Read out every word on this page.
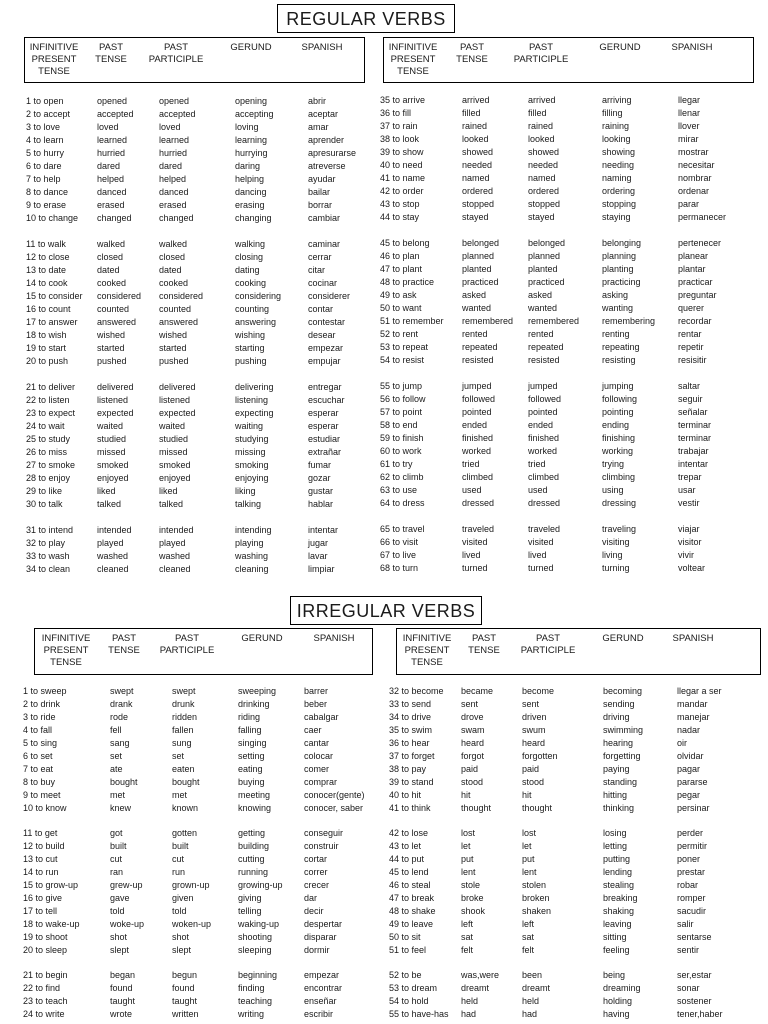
REGULAR VERBS
INFINITIVE
PRESENT
TENSE
PAST
TENSE
PAST
PARTICIPLE
GERUND	SPANISH
1 to open	opened	opened	opening	abrir
2 to accept	accepted	accepted	accepting	aceptar
3 to love	loved	loved	loving	amar
4 to learn	learned	learned	learning	aprender
5 to hurry	hurried	hurried	hurrying	apresurarse
6 to dare	dared	dared	daring	atreverse
7 to help	helped	helped	helping	ayudar
8 to dance	danced	danced	dancing	bailar
9 to erase	erased	erased	erasing	borrar
10 to change changed	changed	changing	cambiar
11 to walk	walked	walked	walking	caminar
12 to close	closed	closed	closing	cerrar
13 to date	dated	dated	dating	citar
14 to cook	cooked	cooked	cooking	cocinar
15 to consider considered considered	considering	considerer
16 to count	counted	counted	counting	contar
17 to answer answered	answered	answering	contestar
18 to wish	wished	wished	wishing	desear
19 to start	started	started	starting	empezar
20 to push	pushed	pushed	pushing	empujar
21 to deliver delivered	delivered	delivering	entregar
22 to listen	listened	listened	listening	escuchar
23 to expect expected	expected	expecting	esperar
24 to wait	waited	waited	waiting	esperar
25 to study	studied	studied	studying	estudiar
26 to miss	missed	missed	missing	extrañar
27 to smoke smoked	smoked	smoking	fumar
28 to enjoy	enjoyed	enjoyed	enjoying	gozar
29 to like	liked	liked	liking	gustar
30 to talk	talked	talked	talking	hablar
31 to intend	intended	intended	intending	intentar
32 to play	played	played	playing	jugar
33 to wash	washed	washed	washing	lavar
34 to clean	cleaned	cleaned	cleaning	limpiar
INFINITIVE
PRESENT
TENSE
PAST
TENSE
PAST
PARTICIPLE
GERUND	SPANISH
35 to arrive	arrived	arrived	arriving	llegar
36 to fill	filled	filled	filling	llenar
37 to rain	rained	rained	raining	llover
38 to look	looked	looked	looking	mirar
39 to show	showed	showed	showing	mostrar
40 to need	needed	needed	needing	necesitar
41 to name	named	named	naming	nombrar
42 to order	ordered	ordered	ordering	ordenar
43 to stop	stopped	stopped	stopping	parar
44 to stay	stayed	stayed	staying	permanecer
45 to belong	belonged	belonged	belonging	pertenecer
46 to plan	planned	planned	planning	planear
47 to plant	planted	planted	planting	plantar
48 to practice	practiced	practiced	practicing	practicar
49 to ask	asked	asked	asking	preguntar
50 to want	wanted	wanted	wanting	querer
51 to remember remembered remembered	remembering	recordar
52 to rent	rented	rented	renting	rentar
53 to repeat	repeated	repeated	repeating	repetir
54 to resist	resisted	resisted	resisting	resisitir
55 to jump	jumped	jumped	jumping	saltar
56 to follow	followed	followed	following	seguir
57 to point	pointed	pointed	pointing	señalar
58 to end	ended	ended	ending	terminar
59 to finish	finished	finished	finishing	terminar
60 to work	worked	worked	working	trabajar
61 to try	tried	tried	trying	intentar
62 to climb	climbed	climbed	climbing	trepar
63 to use	used	used	using	usar
64 to dress	dressed	dressed	dressing	vestir
65 to travel	traveled	traveled	traveling	viajar
66 to visit	visited	visited	visiting	visitor
67 to live	lived	lived	living	vivir
68 to turn	turned	turned	turning	voltear
IRREGULAR VERBS
INFINITIVE
PRESENT
TENSE
PAST
TENSE
PAST
PARTICIPLE
GERUND	SPANISH
1 to sweep	swept	swept	sweeping	barrer
2 to drink	drank	drunk	drinking	beber
3 to ride	rode	ridden	riding	cabalgar
4 to fall	fell	fallen	falling	caer
5 to sing	sang	sung	singing	cantar
6 to set	set	set	setting	colocar
7 to eat	ate	eaten	eating	comer
8 to buy	bought	bought	buying	comprar
9 to meet	met	met	meeting	conocer(gente)
10 to know	knew	known	knowing	conocer, saber
11 to get	got	gotten	getting	conseguir
12 to build	built	built	building	construir
13 to cut	cut	cut	cutting	cortar
14 to run	ran	run	running	correr
15 to grow-up	grew-up	grown-up	growing-up crecer
16 to give	gave	given	giving	dar
17 to tell	told	told	telling	decir
18 to wake-up	woke-up	woken-up	waking-up	despertar
19 to shoot	shot	shot	shooting	disparar
20 to sleep	slept	slept	sleeping	dormir
21 to begin	began	begun	beginning	empezar
22 to find	found	found	finding	encontrar
23 to teach	taught	taught	teaching	enseñar
24 to write	wrote	written	writing	escribir
INFINITIVE
PRESENT
TENSE
PAST
TENSE
PAST
PARTICIPLE
GERUND	SPANISH
32 to become became	become	becoming	llegar a ser
33 to send	sent	sent	sending	mandar
34 to drive	drove	driven	driving	manejar
35 to swim	swam	swum	swimming	nadar
36 to hear	heard	heard	hearing	oir
37 to forget	forgot	forgotten	forgetting	olvidar
38 to pay	paid	paid	paying	pagar
39 to stand	stood	stood	standing	pararse
40 to hit	hit	hit	hitting	pegar
41 to think	thought	thought	thinking	persinar
42 to lose	lost	lost	losing	perder
43 to let	let	let	letting	permitir
44 to put	put	put	putting	poner
45 to lend	lent	lent	lending	prestar
46 to steal	stole	stolen	stealing	robar
47 to break	broke	broken	breaking	romper
48 to shake	shook	shaken	shaking	sacudir
49 to leave	left	left	leaving	salir
50 to sit	sat	sat	sitting	sentarse
51 to feel	felt	felt	feeling	sentir
52 to be	was,were	been	being	ser,estar
53 to dream	dreamt	dreamt	dreaming	sonar
54 to hold	held	held	holding	sostener
55 to have-has had	had	having	tener,haber
